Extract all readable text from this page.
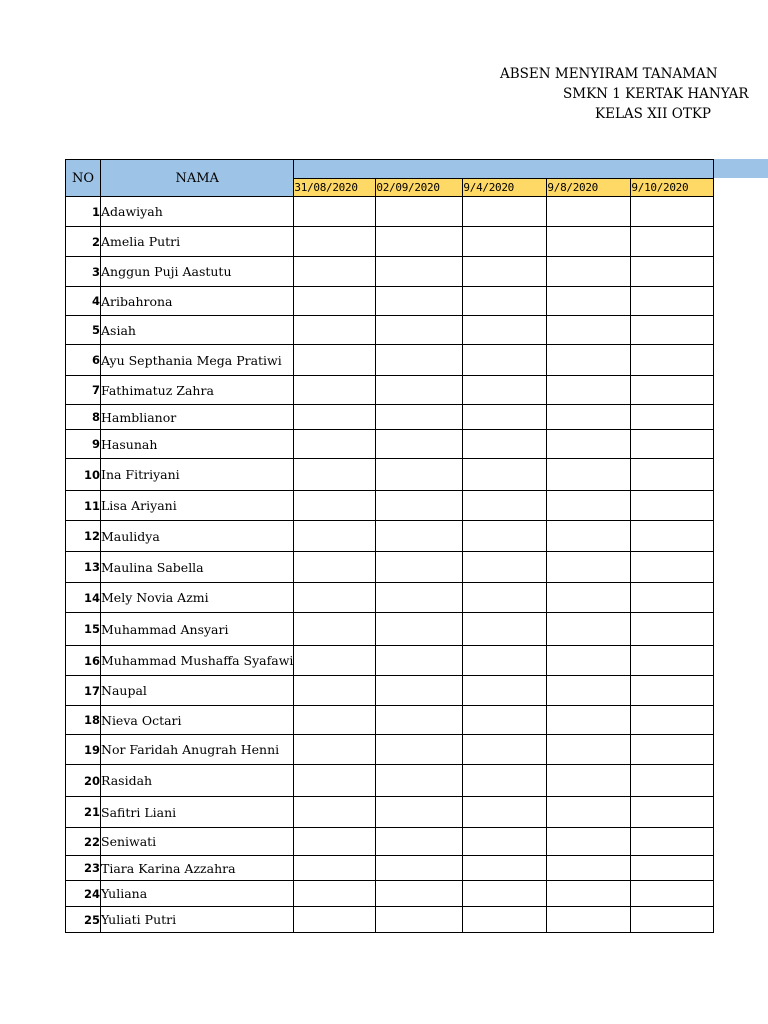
ABSEN MENYIRAM TANAMAN
SMKN 1 KERTAK HANYAR
KELAS XII OTKP
NO	NAMA					
		31/08/2020	02/09/2020	9/4/2020	9/8/2020	9/10/2020
1	Adawiyah					
2	Amelia Putri					
3	Anggun Puji Aastutu					
4	Aribahrona					
5	Asiah					
6	Ayu Septhania Mega Pratiwi					
7	Fathimatuz Zahra					
8	Hamblianor					
9	Hasunah					
10	Ina Fitriyani					
11	Lisa Ariyani					
12	Maulidya					
13	Maulina Sabella					
14	Mely Novia Azmi					
15	Muhammad Ansyari					
16	Muhammad Mushaffa Syafawi					
17	Naupal					
18	Nieva Octari					
19	Nor Faridah Anugrah Henni					
20	Rasidah					
21	Safitri Liani					
22	Seniwati					
23	Tiara Karina Azzahra					
24	Yuliana					
25	Yuliati Putri					
